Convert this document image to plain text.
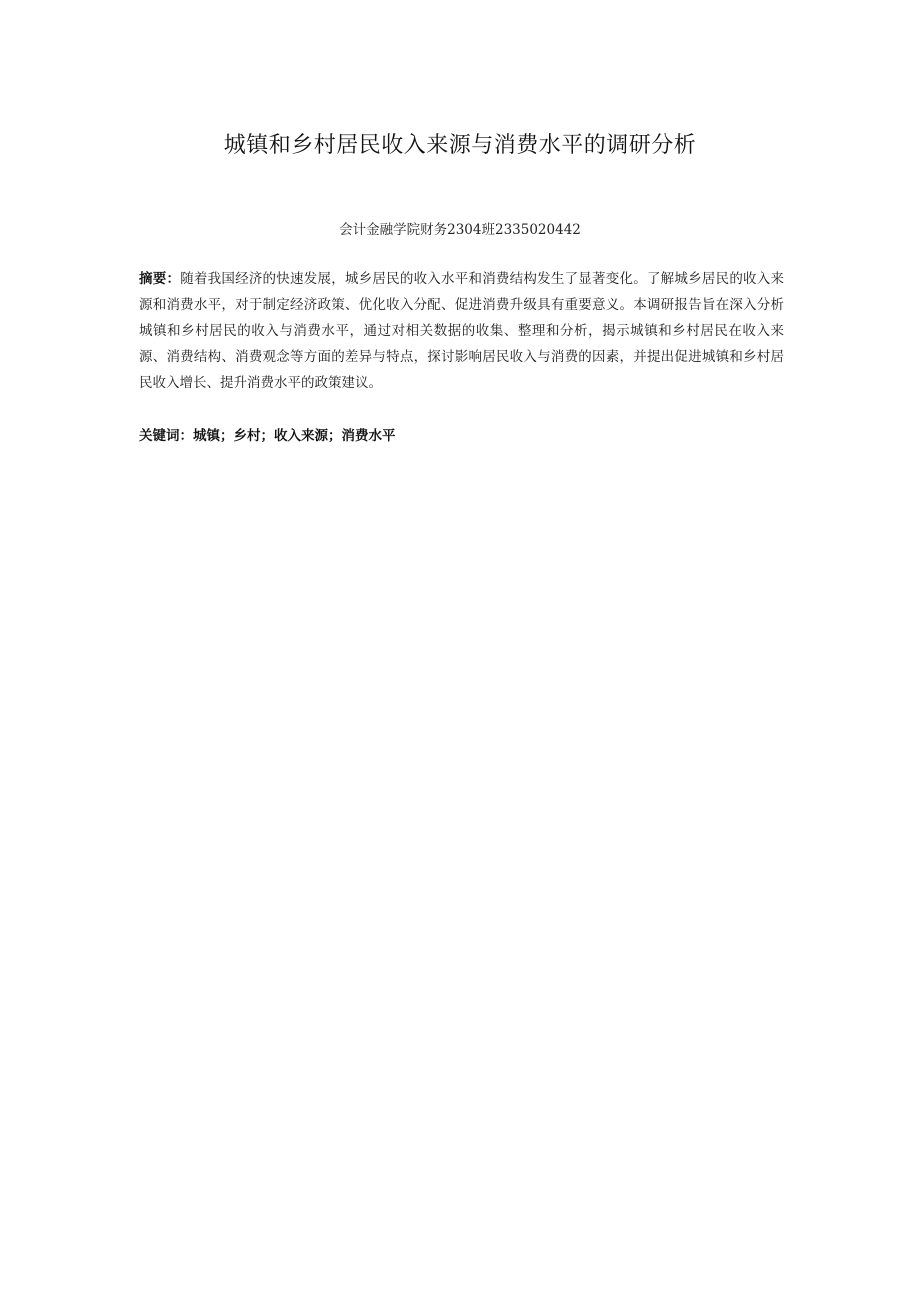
城镇和乡村居民收入来源与消费水平的调研分析
会计金融学院财务2304班2335020442
摘要：随着我国经济的快速发展，城乡居民的收入水平和消费结构发生了显著变化。了解城乡居民的收入来源和消费水平，对于制定经济政策、优化收入分配、促进消费升级具有重要意义。本调研报告旨在深入分析城镇和乡村居民的收入与消费水平，通过对相关数据的收集、整理和分析，揭示城镇和乡村居民在收入来源、消费结构、消费观念等方面的差异与特点，探讨影响居民收入与消费的因素，并提出促进城镇和乡村居民收入增长、提升消费水平的政策建议。
关键词：城镇；乡村；收入来源；消费水平
